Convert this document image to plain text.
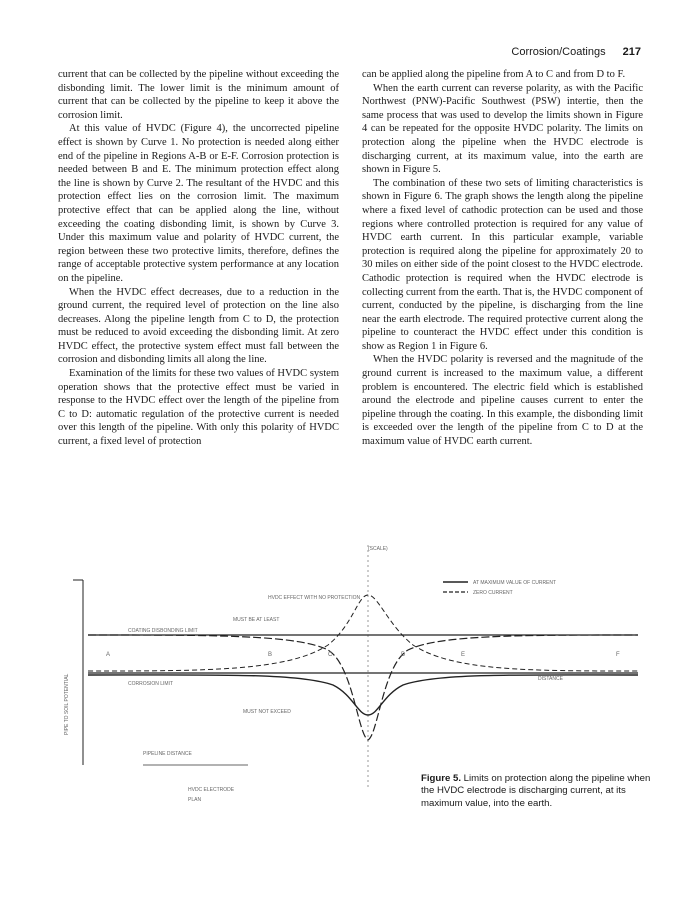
Corrosion/Coatings 217

current that can be collected by the pipeline without exceeding the disbonding limit. The lower limit is the minimum amount of current that can be collected by the pipeline to keep it above the corrosion limit.

At this value of HVDC (Figure 4), the uncorrected pipeline effect is shown by Curve 1. No protection is needed along either end of the pipeline in Regions A-B or E-F. Corrosion protection is needed between B and E. The minimum protection effect along the line is shown by Curve 2. The resultant of the HVDC and this protection effect lies on the corrosion limit. The maximum protective effect that can be applied along the line, without exceeding the coating disbonding limit, is shown by Curve 3. Under this maximum value and polarity of HVDC current, the region between these two protective limits, therefore, defines the range of acceptable protective system performance at any location on the pipeline.

When the HVDC effect decreases, due to a reduction in the ground current, the required level of protection on the line also decreases. Along the pipeline length from C to D, the protection must be reduced to avoid exceeding the disbonding limit. At zero HVDC effect, the protective system effect must fall between the corrosion and disbonding limits all along the line.

Examination of the limits for these two values of HVDC system operation shows that the protective effect must be varied in response to the HVDC effect over the length of the pipeline from C to D: automatic regulation of the protective current is needed over this length of the pipeline. With only this polarity of HVDC current, a fixed level of protection

can be applied along the pipeline from A to C and from D to F.

When the earth current can reverse polarity, as with the Pacific Northwest (PNW)-Pacific Southwest (PSW) intertie, then the same process that was used to develop the limits shown in Figure 4 can be repeated for the opposite HVDC polarity. The limits on protection along the pipeline when the HVDC electrode is discharging current, at its maximum value, into the earth are shown in Figure 5.

The combination of these two sets of limiting characteristics is shown in Figure 6. The graph shows the length along the pipeline where a fixed level of cathodic protection can be used and those regions where controlled protection is required for any value of HVDC earth current. In this particular example, variable protection is required along the pipeline for approximately 20 to 30 miles on either side of the point closest to the HVDC electrode. Cathodic protection is required when the HVDC electrode is collecting current from the earth. That is, the HVDC component of current, conducted by the pipeline, is discharging from the line near the earth electrode. The required protective current along the pipeline to counteract the HVDC effect under this condition is show as Region 1 in Figure 6.

When the HVDC polarity is reversed and the magnitude of the ground current is increased to the maximum value, a different problem is encountered. The electric field which is established around the electrode and pipeline causes current to enter the pipeline through the coating. In this example, the disbonding limit is exceeded over the length of the pipeline from C to D at the maximum value of HVDC earth current.

(SCALE)
COATING DISBONDING LIMIT
CORROSION LIMIT
DISTANCE
AT MAXIMUM VALUE OF CURRENT
ZERO CURRENT
HVDC EFFECT WITH NO PROTECTION
MUST BE AT LEAST
MUST NOT EXCEED
A	B	C	D	E	F
PIPE TO SOIL POTENTIAL
PIPELINE DISTANCE
HVDC ELECTRODE
PLAN
Figure 5. Limits on protection along the pipeline when the HVDC electrode is discharging current, at its maximum value, into the earth.
